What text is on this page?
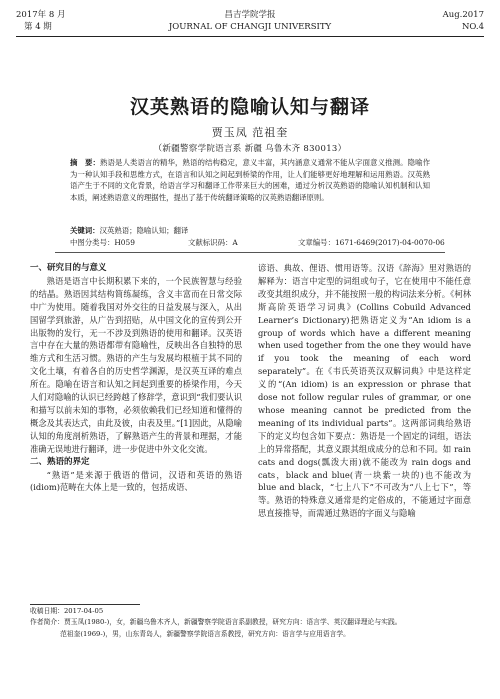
2017年 8 月
第 4 期
昌吉学院学报
JOURNAL OF CHANGJI UNIVERSITY
Aug.2017
NO.4
汉英熟语的隐喻认知与翻译
贾玉凤 范祖奎
（新疆警察学院语言系 新疆 乌鲁木齐 830013）
摘　要：熟语是人类语言的精华，熟语的结构稳定，意义丰富，其内涵意义通常不能从字面意义推测。隐喻作为一种认知手段和思维方式，在语言和认知之间起到桥梁的作用，让人们能够更好地理解和运用熟语。汉英熟语产生于不同的文化背景，给语言学习和翻译工作带来巨大的困难，通过分析汉英熟语的隐喻认知机制和认知本质，阐述熟语意义的理据性，提出了基于传统翻译策略的汉英熟语翻译原则。
关键词：汉英熟语；隐喻认知；翻译
中图分类号：H059	文献标识码：A	文章编号：1671-6469(2017)-04-0070-06

一、研究目的与意义

熟语是语言中长期积累下来的，一个民族智慧与经验的结晶。熟语因其结构简练凝练，含义丰富而在日常交际中广为使用。随着我国对外交往的日益发展与深入，从出国留学到旅游，从广告到招贴，从中国文化的宣传到公开出版物的发行，无一不涉及到熟语的使用和翻译。汉英语言中存在大量的熟语都带有隐喻性，反映出各自独特的思维方式和生活习惯。熟语的产生与发展均根植于其不同的文化土壤，有着各自的历史哲学渊源，是汉英互译的难点所在。隐喻在语言和认知之间起到重要的桥梁作用，今天人们对隐喻的认识已经跨越了修辞学，意识到“我们要认识和描写以前未知的事物，必须依赖我们已经知道和懂得的概念及其表达式，由此及彼，由表及里。”[1]因此，从隐喻认知的角度剖析熟语，了解熟语产生的背景和理据，才能准确无误地进行翻译，进一步促进中外文化交流。

二、熟语的界定

“熟语”是来源于俄语的借词，汉语和英语的熟语(idiom)范畴在大体上是一致的，包括成语、

谚语、典故、俚语、惯用语等。汉语《辞海》里对熟语的解释为：语言中定型的词组或句子，它在使用中不能任意改变其组织成分，并不能按照一般的构词法来分析。《柯林斯高阶英语学习词典》(Collins Cobuild Advanced Learner’s Dictionary)把熟语定义为“An idiom is a group of words which have a different meaning when used together from the one they would have if you took the meaning of each word separately”。在《韦氏英语英汉双解词典》中是这样定义的“(An idiom) is an expression or phrase that dose not follow regular rules of grammar, or one whose meaning cannot be predicted from the meaning of its individual parts”。这两部词典给熟语下的定义均包含如下要点：熟语是一个固定的词组，语法上的异常搭配，其意义跟其组成成分的总和不同。如 rain cats and dogs(瓢泼大雨)就不能改为 rain dogs and cats，black and blue(青一块紫一块的)也不能改为 blue and black，“七上八下”不可改为“八上七下”，等等。熟语的特殊意义通常是约定俗成的，不能通过字面意思直接推导，而需通过熟语的字面义与隐喻

收稿日期：2017-04-05

作者简介：贾玉凤(1980-)，女，新疆乌鲁木齐人，新疆警察学院语言系副教授，研究方向：语言学、英汉翻译理论与实践。

范祖奎(1969-)，男，山东青岛人，新疆警察学院语言系教授，研究方向：语言学与应用语言学。
